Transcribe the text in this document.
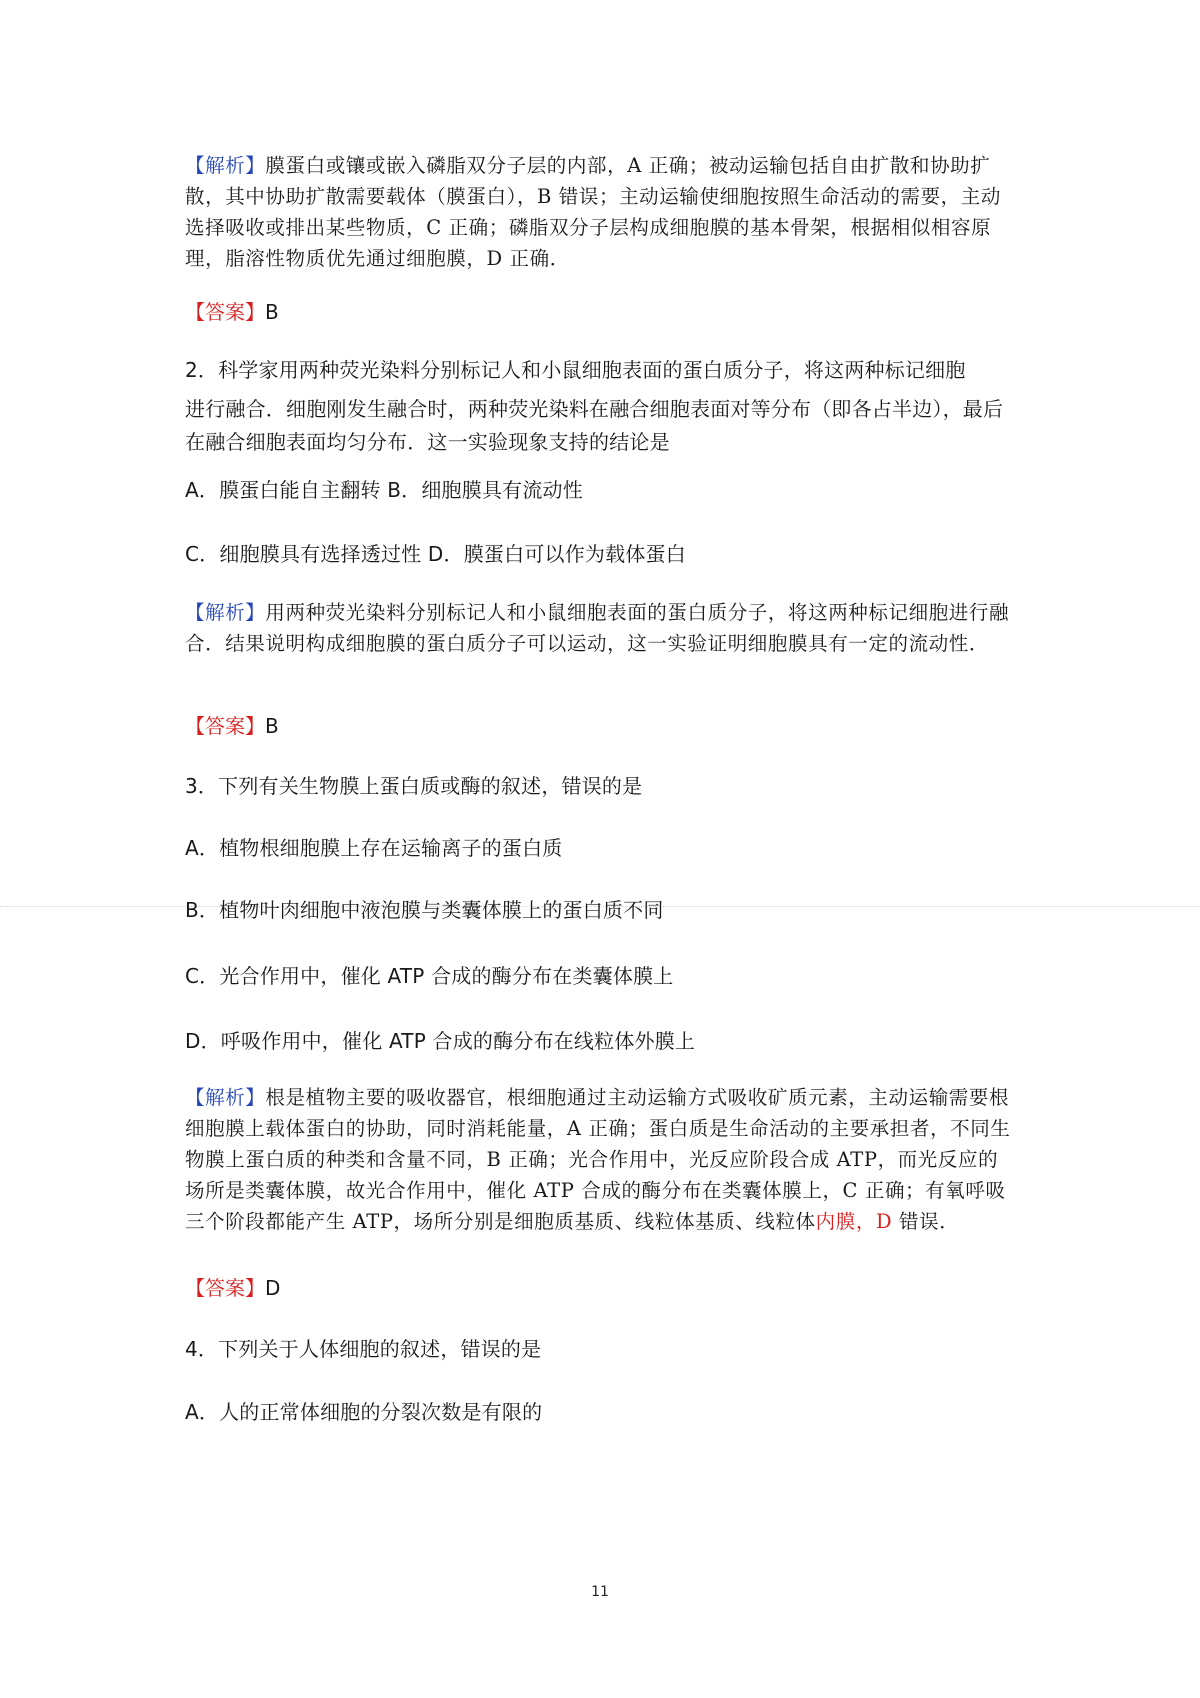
【解析】膜蛋白或镶或嵌入磷脂双分子层的内部，A 正确；被动运输包括自由扩散和协助扩散，其中协助扩散需要载体（膜蛋白），B 错误；主动运输使细胞按照生命活动的需要，主动选择吸收或排出某些物质，C 正确；磷脂双分子层构成细胞膜的基本骨架，根据相似相容原理，脂溶性物质优先通过细胞膜，D 正确．

【答案】B

2．科学家用两种荧光染料分别标记人和小鼠细胞表面的蛋白质分子，将这两种标记细胞

进行融合．细胞刚发生融合时，两种荧光染料在融合细胞表面对等分布（即各占半边），最后在融合细胞表面均匀分布．这一实验现象支持的结论是

A．膜蛋白能自主翻转 B．细胞膜具有流动性

C．细胞膜具有选择透过性 D．膜蛋白可以作为载体蛋白

【解析】用两种荧光染料分别标记人和小鼠细胞表面的蛋白质分子，将这两种标记细胞进行融合．结果说明构成细胞膜的蛋白质分子可以运动，这一实验证明细胞膜具有一定的流动性．

【答案】B

3．下列有关生物膜上蛋白质或酶的叙述，错误的是

A．植物根细胞膜上存在运输离子的蛋白质

B．植物叶肉细胞中液泡膜与类囊体膜上的蛋白质不同

C．光合作用中，催化 ATP 合成的酶分布在类囊体膜上

D．呼吸作用中，催化 ATP 合成的酶分布在线粒体外膜上

【解析】根是植物主要的吸收器官，根细胞通过主动运输方式吸收矿质元素，主动运输需要根细胞膜上载体蛋白的协助，同时消耗能量，A 正确；蛋白质是生命活动的主要承担者，不同生物膜上蛋白质的种类和含量不同，B 正确；光合作用中，光反应阶段合成 ATP，而光反应的场所是类囊体膜，故光合作用中，催化 ATP 合成的酶分布在类囊体膜上，C 正确；有氧呼吸三个阶段都能产生 ATP，场所分别是细胞质基质、线粒体基质、线粒体内膜，D 错误．

【答案】D

4．下列关于人体细胞的叙述，错误的是

A．人的正常体细胞的分裂次数是有限的

11
